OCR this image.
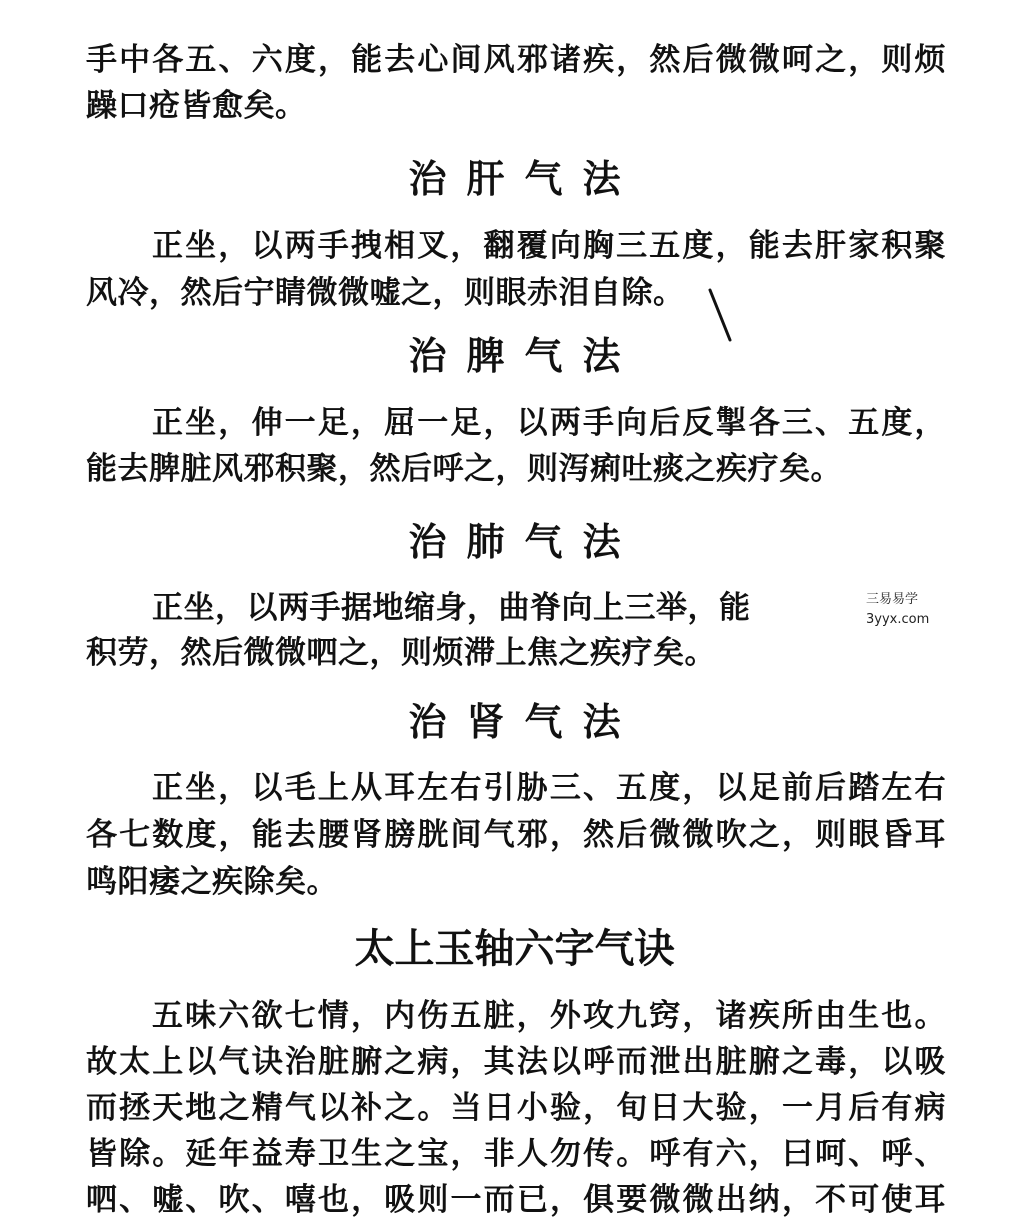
手中各五、六度，能去心间风邪诸疾，然后微微呵之，则烦
躁口疮皆愈矣。
治肝气法
正坐，以两手拽相叉，翻覆向胸三五度，能去肝家积聚
风冷，然后宁睛微微嘘之，则眼赤泪自除。
治脾气法
正坐，伸一足，屈一足，以两手向后反掣各三、五度，
能去脾脏风邪积聚，然后呼之，则泻痢吐痰之疾疗矣。
治肺气法
正坐，以两手据地缩身，曲脊向上三举，能
积劳，然后微微呬之，则烦滞上焦之疾疗矣。
三易易学
3yyx.com
治肾气法
正坐，以毛上从耳左右引胁三、五度，以足前后踏左右
各七数度，能去腰肾膀胱间气邪，然后微微吹之，则眼昏耳
鸣阳痿之疾除矣。
太上玉轴六字气诀
五味六欲七情，内伤五脏，外攻九窍，诸疾所由生也。
故太上以气诀治脏腑之病，其法以呼而泄出脏腑之毒，以吸
而拯天地之精气以补之。当日小验，旬日大验，一月后有病
皆除。延年益寿卫生之宝，非人勿传。呼有六，曰呵、呼、
呬、嘘、吹、嘻也，吸则一而已，俱要微微出纳，不可使耳
